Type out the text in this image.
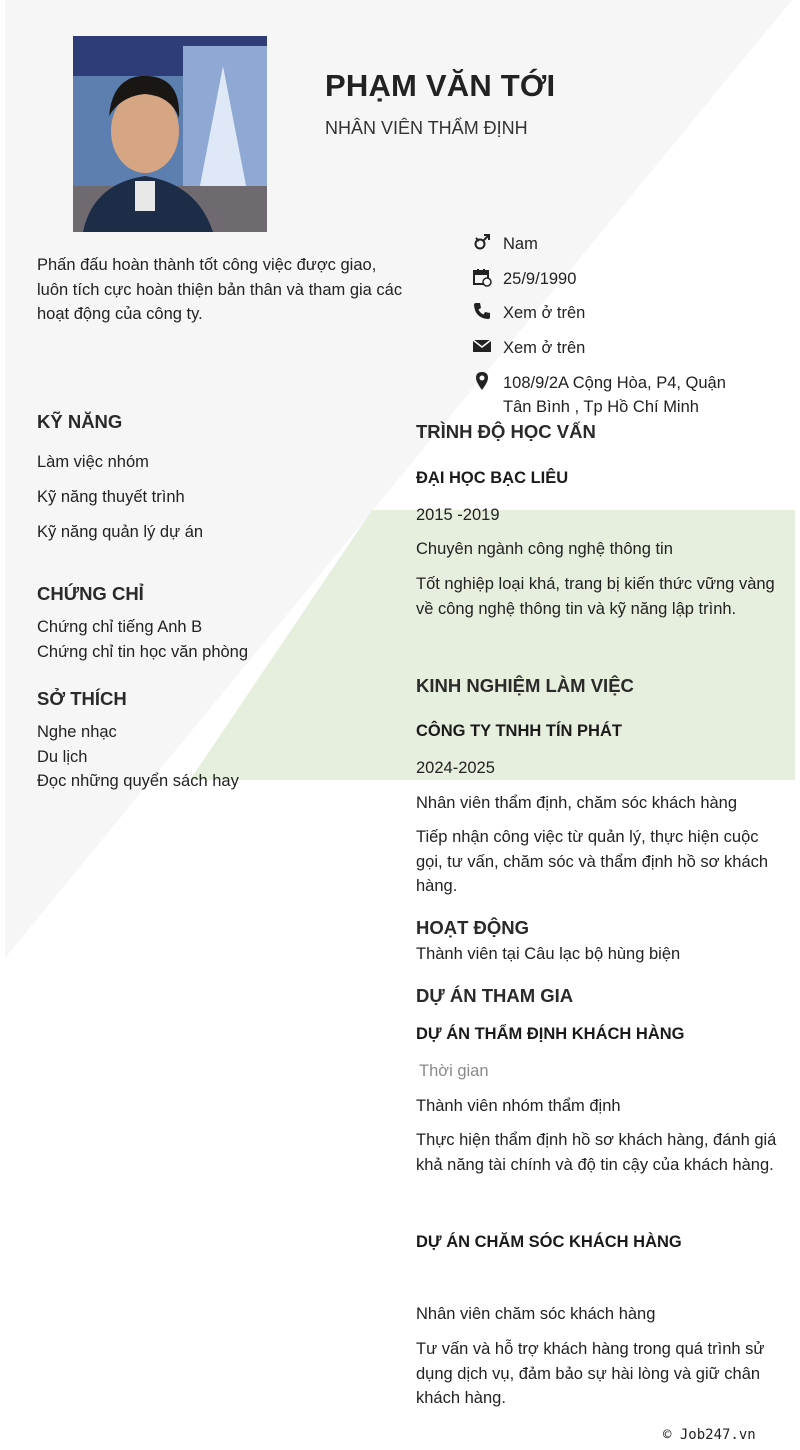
PHẠM VĂN TỚI
NHÂN VIÊN THẨM ĐỊNH
Phấn đấu hoàn thành tốt công việc được giao, luôn tích cực hoàn thiện bản thân và tham gia các hoạt động của công ty.
Nam
25/9/1990
Xem ở trên
Xem ở trên
108/9/2A Cộng Hòa, P4, Quận
Tân Bình , Tp Hồ Chí Minh
KỸ NĂNG
Làm việc nhóm
Kỹ năng thuyết trình
Kỹ năng quản lý dự án
CHỨNG CHỈ
Chứng chỉ tiếng Anh B
Chứng chỉ tin học văn phòng
SỞ THÍCH
Nghe nhạc
Du lịch
Đọc những quyển sách hay
TRÌNH ĐỘ HỌC VẤN
ĐẠI HỌC BẠC LIÊU
2015 -2019
Chuyên ngành công nghệ thông tin
Tốt nghiệp loại khá, trang bị kiến thức vững vàng về công nghệ thông tin và kỹ năng lập trình.
KINH NGHIỆM LÀM VIỆC
CÔNG TY TNHH TÍN PHÁT
2024-2025
Nhân viên thẩm định, chăm sóc khách hàng
Tiếp nhận công việc từ quản lý, thực hiện cuộc gọi, tư vấn, chăm sóc và thẩm định hồ sơ khách hàng.
HOẠT ĐỘNG
Thành viên tại Câu lạc bộ hùng biện
DỰ ÁN THAM GIA
DỰ ÁN THẨM ĐỊNH KHÁCH HÀNG
Thời gian
Thành viên nhóm thẩm định
Thực hiện thẩm định hồ sơ khách hàng, đánh giá khả năng tài chính và độ tin cậy của khách hàng.
DỰ ÁN CHĂM SÓC KHÁCH HÀNG
Nhân viên chăm sóc khách hàng
Tư vấn và hỗ trợ khách hàng trong quá trình sử dụng dịch vụ, đảm bảo sự hài lòng và giữ chân khách hàng.
© Job247.vn
